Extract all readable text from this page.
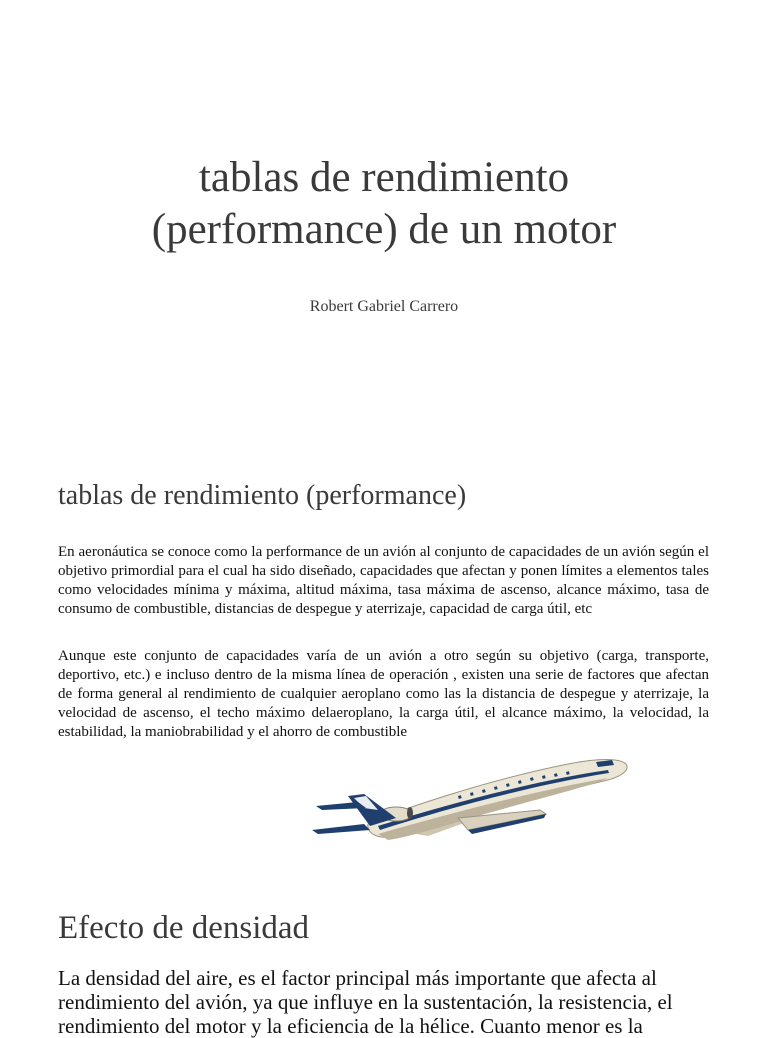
tablas de rendimiento
(performance) de un motor

Robert Gabriel Carrero

tablas de rendimiento (performance)

En aeronáutica se conoce como la performance de un avión al conjunto de capacidades de un avión según el objetivo primordial para el cual ha sido diseñado, capacidades que afectan y ponen límites a elementos tales como velocidades mínima y máxima, altitud máxima, tasa máxima de ascenso, alcance máximo, tasa de consumo de combustible, distancias de despegue y aterrizaje, capacidad de carga útil, etc

Aunque este conjunto de capacidades varía de un avión a otro según su objetivo (carga, transporte, deportivo, etc.) e incluso dentro de la misma línea de operación , existen una serie de factores que afectan de forma general al rendimiento de cualquier aeroplano como las la distancia de despegue y aterrizaje, la velocidad de ascenso, el techo máximo delaeroplano, la carga útil, el alcance máximo, la velocidad, la estabilidad, la maniobrabilidad y el ahorro de combustible

Efecto de densidad

La densidad del aire, es el factor principal más importante que afecta al rendimiento del avión, ya que influye en la sustentación, la resistencia, el rendimiento del motor y la eficiencia de la hélice. Cuanto menor es la
